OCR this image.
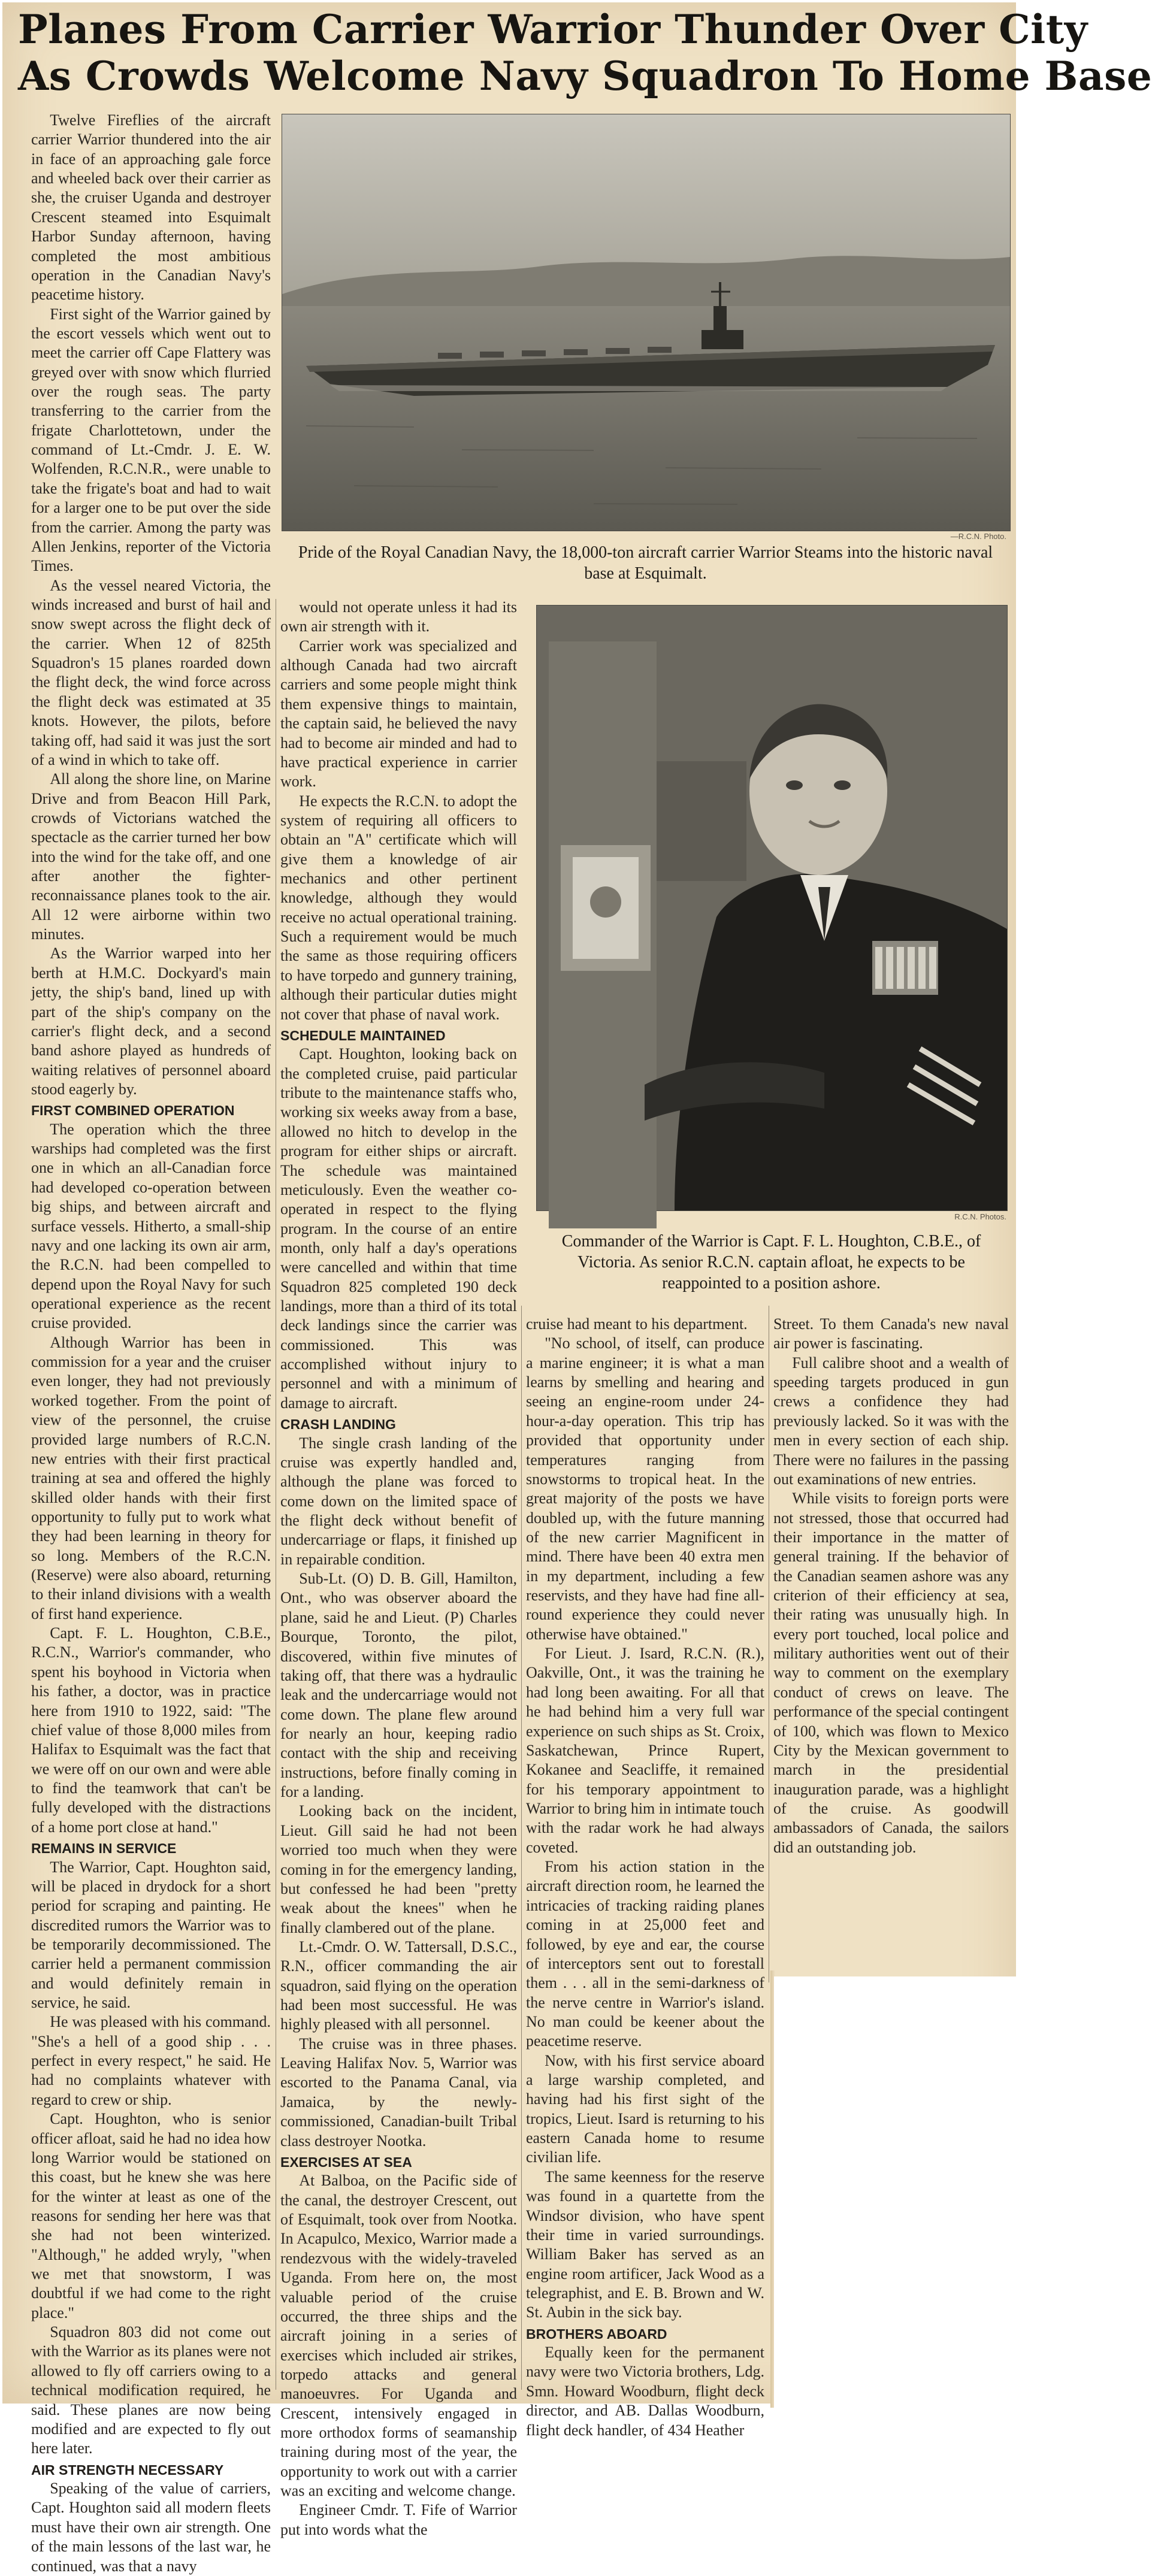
Planes From Carrier Warrior Thunder Over City
As Crowds Welcome Navy Squadron To Home Base
—R.C.N. Photo.
Pride of the Royal Canadian Navy, the 18,000-ton aircraft carrier Warrior Steams into the historic naval base at Esquimalt.
R.C.N. Photos.
Commander of the Warrior is Capt. F. L. Houghton, C.B.E., of Victoria. As senior R.C.N. captain afloat, he expects to be reappointed to a position ashore.

Twelve Fireflies of the aircraft carrier Warrior thundered into the air in face of an approaching gale force and wheeled back over their carrier as she, the cruiser Uganda and destroyer Crescent steamed into Esquimalt Harbor Sunday afternoon, having completed the most ambitious operation in the Canadian Navy's peacetime history.

First sight of the Warrior gained by the escort vessels which went out to meet the carrier off Cape Flattery was greyed over with snow which flurried over the rough seas. The party transferring to the carrier from the frigate Charlottetown, under the command of Lt.-Cmdr. J. E. W. Wolfenden, R.C.N.R., were unable to take the frigate's boat and had to wait for a larger one to be put over the side from the carrier. Among the party was Allen Jenkins, reporter of the Victoria Times.

As the vessel neared Victoria, the winds increased and burst of hail and snow swept across the flight deck of the carrier. When 12 of 825th Squadron's 15 planes roarded down the flight deck, the wind force across the flight deck was estimated at 35 knots. However, the pilots, before taking off, had said it was just the sort of a wind in which to take off.

All along the shore line, on Marine Drive and from Beacon Hill Park, crowds of Victorians watched the spectacle as the carrier turned her bow into the wind for the take off, and one after another the fighter-reconnaissance planes took to the air. All 12 were airborne within two minutes.

As the Warrior warped into her berth at H.M.C. Dockyard's main jetty, the ship's band, lined up with part of the ship's company on the carrier's flight deck, and a second band ashore played as hundreds of waiting relatives of personnel aboard stood eagerly by.

FIRST COMBINED OPERATION

The operation which the three warships had completed was the first one in which an all-Canadian force had developed co-operation between big ships, and between aircraft and surface vessels. Hitherto, a small-ship navy and one lacking its own air arm, the R.C.N. had been compelled to depend upon the Royal Navy for such operational experience as the recent cruise provided.

Although Warrior has been in commission for a year and the cruiser even longer, they had not previously worked together. From the point of view of the personnel, the cruise provided large numbers of R.C.N. new entries with their first practical training at sea and offered the highly skilled older hands with their first opportunity to fully put to work what they had been learning in theory for so long. Members of the R.C.N. (Reserve) were also aboard, returning to their inland divisions with a wealth of first hand experience.

Capt. F. L. Houghton, C.B.E., R.C.N., Warrior's commander, who spent his boyhood in Victoria when his father, a doctor, was in practice here from 1910 to 1922, said: "The chief value of those 8,000 miles from Halifax to Esquimalt was the fact that we were off on our own and were able to find the teamwork that can't be fully developed with the distractions of a home port close at hand."

REMAINS IN SERVICE

The Warrior, Capt. Houghton said, will be placed in drydock for a short period for scraping and painting. He discredited rumors the Warrior was to be temporarily decommissioned. The carrier held a permanent commission and would definitely remain in service, he said.

He was pleased with his command. "She's a hell of a good ship . . . perfect in every respect," he said. He had no complaints whatever with regard to crew or ship.

Capt. Houghton, who is senior officer afloat, said he had no idea how long Warrior would be stationed on this coast, but he knew she was here for the winter at least as one of the reasons for sending her here was that she had not been winterized. "Although," he added wryly, "when we met that snowstorm, I was doubtful if we had come to the right place."

Squadron 803 did not come out with the Warrior as its planes were not allowed to fly off carriers owing to a technical modification required, he said. These planes are now being modified and are expected to fly out here later.

AIR STRENGTH NECESSARY

Speaking of the value of carriers, Capt. Houghton said all modern fleets must have their own air strength. One of the main lessons of the last war, he continued, was that a navy

would not operate unless it had its own air strength with it.

Carrier work was specialized and although Canada had two aircraft carriers and some people might think them expensive things to maintain, the captain said, he believed the navy had to become air minded and had to have practical experience in carrier work.

He expects the R.C.N. to adopt the system of requiring all officers to obtain an "A" certificate which will give them a knowledge of air mechanics and other pertinent knowledge, although they would receive no actual operational training. Such a requirement would be much the same as those requiring officers to have torpedo and gunnery training, although their particular duties might not cover that phase of naval work.

SCHEDULE MAINTAINED

Capt. Houghton, looking back on the completed cruise, paid particular tribute to the maintenance staffs who, working six weeks away from a base, allowed no hitch to develop in the program for either ships or aircraft. The schedule was maintained meticulously. Even the weather co-operated in respect to the flying program. In the course of an entire month, only half a day's operations were cancelled and within that time Squadron 825 completed 190 deck landings, more than a third of its total deck landings since the carrier was commissioned. This was accomplished without injury to personnel and with a minimum of damage to aircraft.

CRASH LANDING

The single crash landing of the cruise was expertly handled and, although the plane was forced to come down on the limited space of the flight deck without benefit of undercarriage or flaps, it finished up in repairable condition.

Sub-Lt. (O) D. B. Gill, Hamilton, Ont., who was observer aboard the plane, said he and Lieut. (P) Charles Bourque, Toronto, the pilot, discovered, within five minutes of taking off, that there was a hydraulic leak and the undercarriage would not come down. The plane flew around for nearly an hour, keeping radio contact with the ship and receiving instructions, before finally coming in for a landing.

Looking back on the incident, Lieut. Gill said he had not been worried too much when they were coming in for the emergency landing, but confessed he had been "pretty weak about the knees" when he finally clambered out of the plane.

Lt.-Cmdr. O. W. Tattersall, D.S.C., R.N., officer commanding the air squadron, said flying on the operation had been most successful. He was highly pleased with all personnel.

The cruise was in three phases. Leaving Halifax Nov. 5, Warrior was escorted to the Panama Canal, via Jamaica, by the newly-commissioned, Canadian-built Tribal class destroyer Nootka.

EXERCISES AT SEA

At Balboa, on the Pacific side of the canal, the destroyer Crescent, out of Esquimalt, took over from Nootka. In Acapulco, Mexico, Warrior made a rendezvous with the widely-traveled Uganda. From here on, the most valuable period of the cruise occurred, the three ships and the aircraft joining in a series of exercises which included air strikes, torpedo attacks and general manoeuvres. For Uganda and Crescent, intensively engaged in more orthodox forms of seamanship training during most of the year, the opportunity to work out with a carrier was an exciting and welcome change.

Engineer Cmdr. T. Fife of Warrior put into words what the

cruise had meant to his department.

"No school, of itself, can produce a marine engineer; it is what a man learns by smelling and hearing and seeing an engine-room under 24-hour-a-day operation. This trip has provided that opportunity under temperatures ranging from snowstorms to tropical heat. In the great majority of the posts we have doubled up, with the future manning of the new carrier Magnificent in mind. There have been 40 extra men in my department, including a few reservists, and they have had fine all-round experience they could never otherwise have obtained."

For Lieut. J. Isard, R.C.N. (R.), Oakville, Ont., it was the training he had long been awaiting. For all that he had behind him a very full war experience on such ships as St. Croix, Saskatchewan, Prince Rupert, Kokanee and Seacliffe, it remained for his temporary appointment to Warrior to bring him in intimate touch with the radar work he had always coveted.

From his action station in the aircraft direction room, he learned the intricacies of tracking raiding planes coming in at 25,000 feet and followed, by eye and ear, the course of interceptors sent out to forestall them . . . all in the semi-darkness of the nerve centre in Warrior's island. No man could be keener about the peacetime reserve.

Now, with his first service aboard a large warship completed, and having had his first sight of the tropics, Lieut. Isard is returning to his eastern Canada home to resume civilian life.

The same keenness for the reserve was found in a quartette from the Windsor division, who have spent their time in varied surroundings. William Baker has served as an engine room artificer, Jack Wood as a telegraphist, and E. B. Brown and W. St. Aubin in the sick bay.

BROTHERS ABOARD

Equally keen for the permanent navy were two Victoria brothers, Ldg. Smn. Howard Woodburn, flight deck director, and AB. Dallas Woodburn, flight deck handler, of 434 Heather

Street. To them Canada's new naval air power is fascinating.

Full calibre shoot and a wealth of speeding targets produced in gun crews a confidence they had previously lacked. So it was with the men in every section of each ship. There were no failures in the passing out examinations of new entries.

While visits to foreign ports were not stressed, those that occurred had their importance in the matter of general training. If the behavior of the Canadian seamen ashore was any criterion of their efficiency at sea, their rating was unusually high. In every port touched, local police and military authorities went out of their way to comment on the exemplary conduct of crews on leave. The performance of the special contingent of 100, which was flown to Mexico City by the Mexican government to march in the presidential inauguration parade, was a highlight of the cruise. As goodwill ambassadors of Canada, the sailors did an outstanding job.
